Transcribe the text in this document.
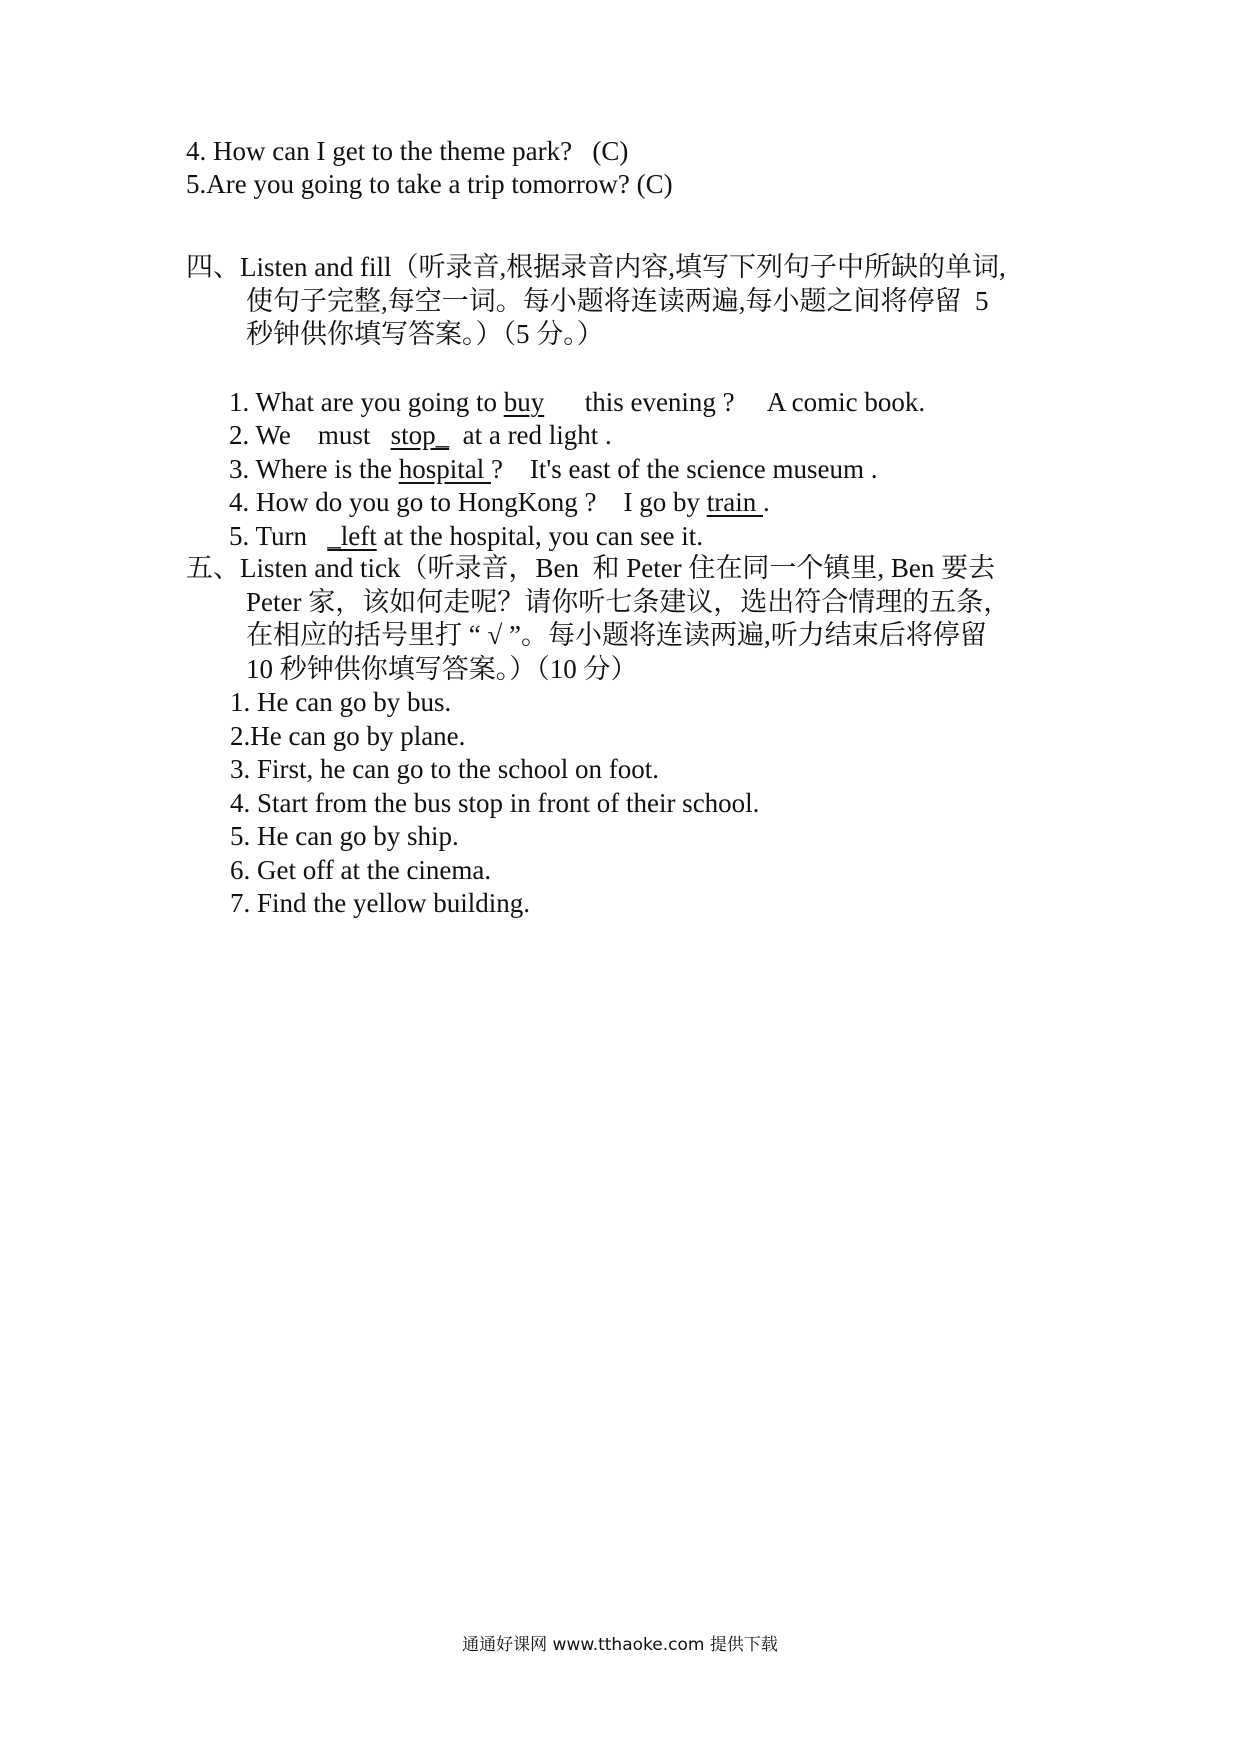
4. How can I get to the theme park?   (C)
5.Are you going to take a trip tomorrow? (C)
四、Listen and fill（听录音,根据录音内容,填写下列句子中所缺的单词,
使句子完整,每空一词。每小题将连读两遍,每小题之间将停留  5
秒钟供你填写答案。）（5 分。）

1. What are you going to buy      this evening ?     A comic book.

2. We    must   stop_  at a red light .

3. Where is the hospital ?    It's east of the science museum .

4. How do you go to HongKong ?    I go by train .

5. Turn   _left at the hospital, you can see it.

五、Listen and tick（听录音，Ben  和 Peter 住在同一个镇里, Ben 要去
Peter 家，该如何走呢？请你听七条建议，选出符合情理的五条，
在相应的括号里打 “ √ ”。每小题将连读两遍,听力结束后将停留
10 秒钟供你填写答案。）（10 分）
1. He can go by bus.
2.He can go by plane.
3. First, he can go to the school on foot.
4. Start from the bus stop in front of their school.
5. He can go by ship.
6. Get off at the cinema.
7. Find the yellow building.
通通好课网 www.tthaoke.com 提供下载
